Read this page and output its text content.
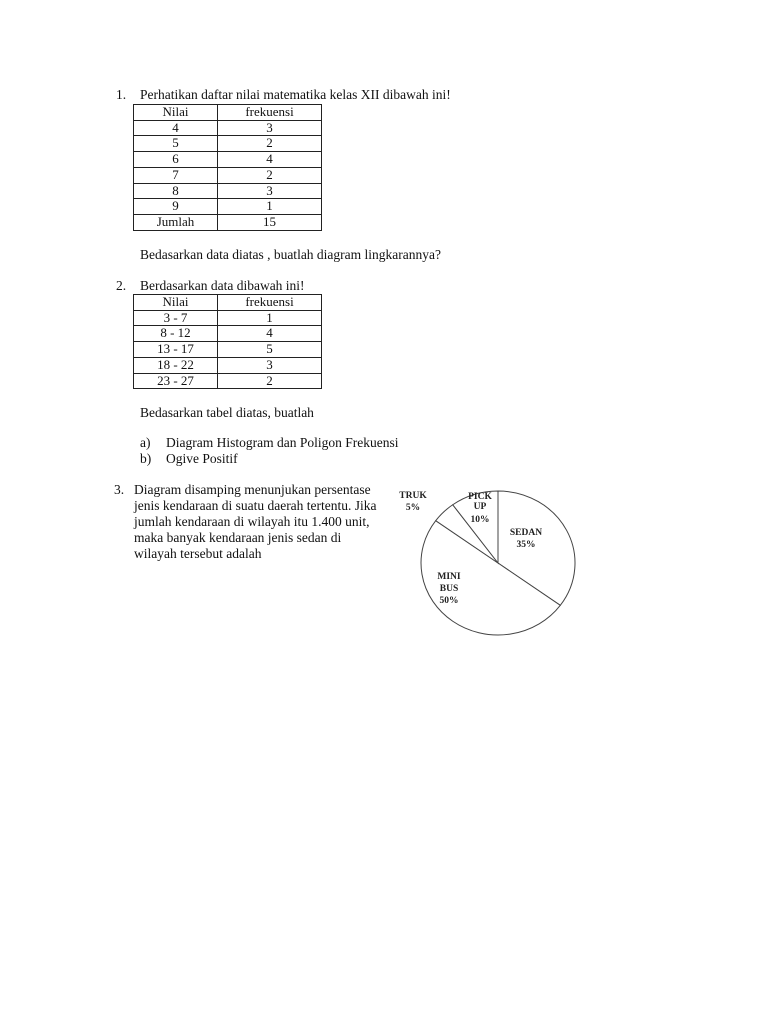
1. Perhatikan daftar nilai matematika kelas XII dibawah ini!
Nilai	frekuensi
4	3
5	2
6	4
7	2
8	3
9	1
Jumlah	15
Bedasarkan data diatas , buatlah diagram lingkarannya?
2. Berdasarkan data dibawah ini!
Nilai	frekuensi
3 - 7	1
8 - 12	4
13 - 17	5
18 - 22	3
23 - 27	2
Bedasarkan tabel diatas, buatlah
a) Diagram Histogram dan Poligon Frekuensi
b) Ogive Positif
3. Diagram disamping menunjukan persentase
jenis kendaraan di suatu daerah tertentu. Jika
jumlah kendaraan di wilayah itu 1.400 unit,
maka banyak kendaraan jenis sedan di
wilayah tersebut adalah
TRUK
5%
PICK
UP
10%
SEDAN
35%
MINI
BUS
50%
